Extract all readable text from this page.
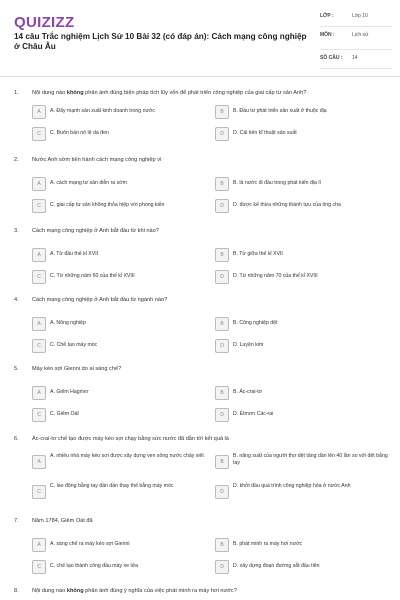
QUIZIZZ
14 câu Trắc nghiệm Lịch Sử 10 Bài 32 (có đáp án): Cách mạng công nghiệp ở Châu Âu
LỚP :	Lớp 10
MÔN :	Lịch sử
SỐ CÂU :	14
1. Nội dung nào không phản ánh đúng biện pháp tích lũy vốn để phát triển công nghiệp của giai cấp tư sản Anh?
A	A. Đẩy mạnh sản xuất kinh doanh trong nước	B	B. Đầu tư phát triển sản xuất ở thuộc địa
C	C. Buôn bán nô lệ da đen	D	D. Cải tiến kĩ thuật sản xuất
2. Nước Anh sớm tiến hành cách mạng công nghiệp vì
A	A. cách mạng tư sản diễn ra sớm	B	B. là nước đi đầu trong phát kiến địa lí
C	C. giai cấp tư sản không thỏa hiệp với phong kiến	D	D. được kế thừa những thành tựu của ông cha
3. Cách mạng công nghiệp ở Anh bắt đầu từ khi nào?
A	A. Từ đầu thế kỉ XVII	B	B. Từ giữa thế kỉ XVII
C	C. Từ những năm 60 của thế kỉ XVIII	D	D. Từ những năm 70 của thế kỉ XVIII
4. Cách mạng công nghiệp ở Anh bắt đầu từ ngành nào?
A	A. Nông nghiệp	B	B. Công nghiệp dệt
C	C. Chế tạo máy móc	D	D. Luyện kim
5. Máy kéo sợi Gienni do ai sáng chế?
A	A. Giêm Hagrivơ	B	B. Ác-crai-tơ
C	C. Giêm Oát	D	D. Étmơn Các-rai
6. Ác-crai-tơ chế tạo được máy kéo sợi chạy bằng sức nước đã dẫn tới kết quả là
A
A. nhiều nhà máy kéo sợi được xây dựng ven sông nước chảy xiết
B
B. năng suất của người thợ dệt tăng dần lên 40 lần so với dệt bằng tay
C
C. lao động bằng tay dần dần thay thế bằng máy móc
D
D. khởi đầu quá trình công nghiệp hóa ở nước Anh
7. Năm 1784, Giêm Oát đã
A	A. sáng chế ra máy kéo sợi Gienni	B	B. phát minh ra máy hơi nước
C	C. chế tạo thành công đầu máy xe lửa	D	D. xây dựng đoạn đường sắt đầu tiên
8. Nội dung nào không phản ánh đúng ý nghĩa của việc phát minh ra máy hơi nước?
